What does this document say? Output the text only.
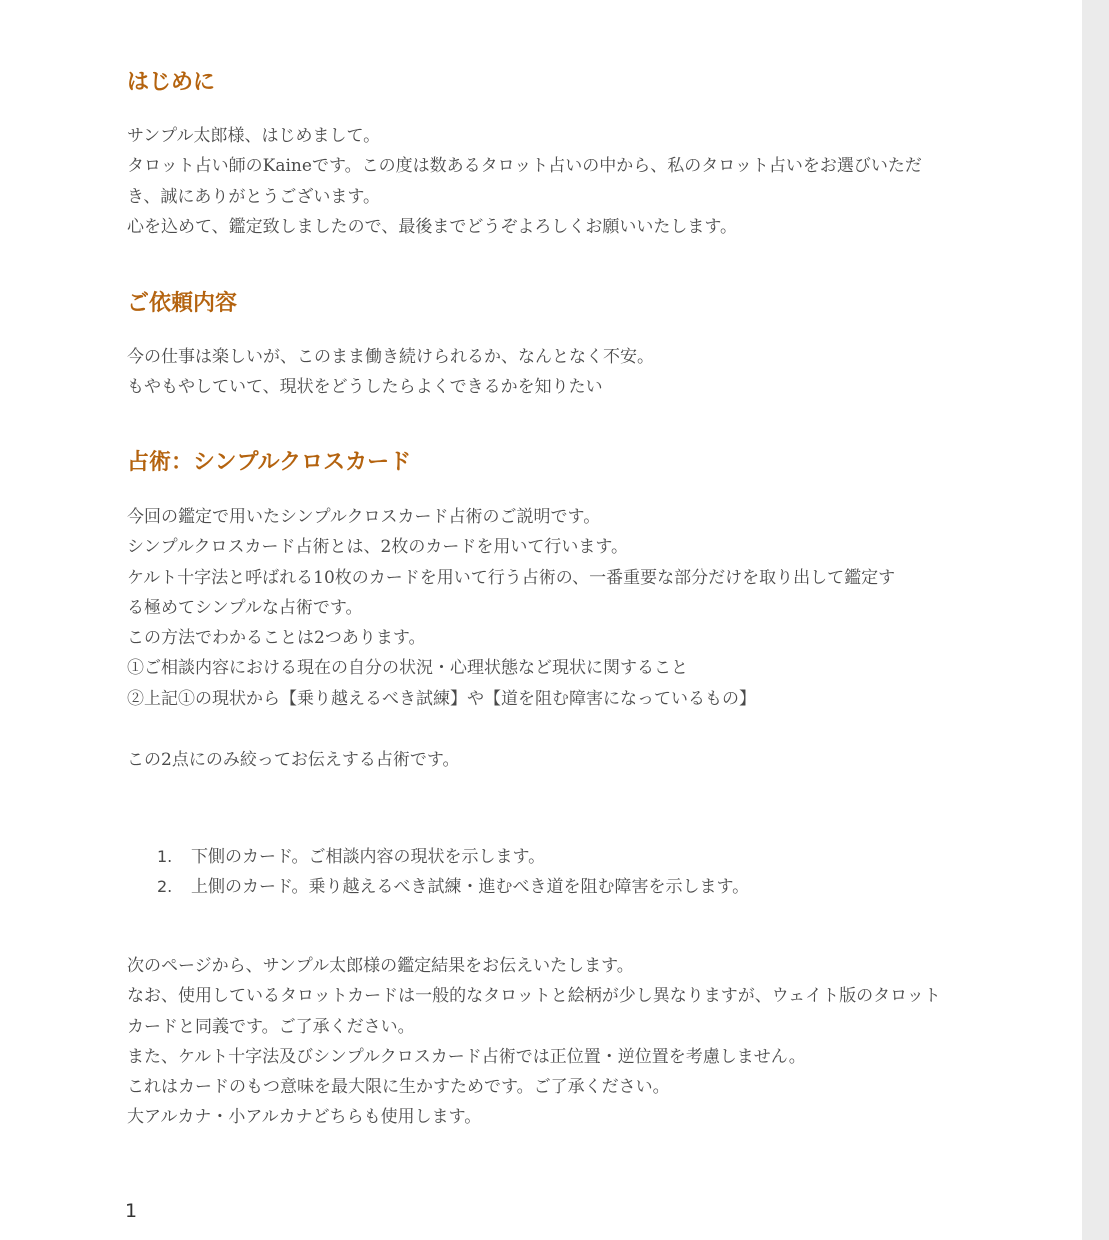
はじめに
サンプル太郎様、はじめまして。
タロット占い師のKaineです。この度は数あるタロット占いの中から、私のタロット占いをお選びいただ
き、誠にありがとうございます。
心を込めて、鑑定致しましたので、最後までどうぞよろしくお願いいたします。
ご依頼内容
今の仕事は楽しいが、このまま働き続けられるか、なんとなく不安。
もやもやしていて、現状をどうしたらよくできるかを知りたい
占術：シンプルクロスカード
今回の鑑定で用いたシンプルクロスカード占術のご説明です。
シンプルクロスカード占術とは、2枚のカードを用いて行います。
ケルト十字法と呼ばれる10枚のカードを用いて行う占術の、一番重要な部分だけを取り出して鑑定す
る極めてシンプルな占術です。
この方法でわかることは2つあります。
①ご相談内容における現在の自分の状況・心理状態など現状に関すること
②上記①の現状から【乗り越えるべき試練】や【道を阻む障害になっているもの】
この2点にのみ絞ってお伝えする占術です。
1. 下側のカード。ご相談内容の現状を示します。
2. 上側のカード。乗り越えるべき試練・進むべき道を阻む障害を示します。
次のページから、サンプル太郎様の鑑定結果をお伝えいたします。
なお、使用しているタロットカードは一般的なタロットと絵柄が少し異なりますが、ウェイト版のタロット
カードと同義です。ご了承ください。
また、ケルト十字法及びシンプルクロスカード占術では正位置・逆位置を考慮しません。
これはカードのもつ意味を最大限に生かすためです。ご了承ください。
大アルカナ・小アルカナどちらも使用します。
1
